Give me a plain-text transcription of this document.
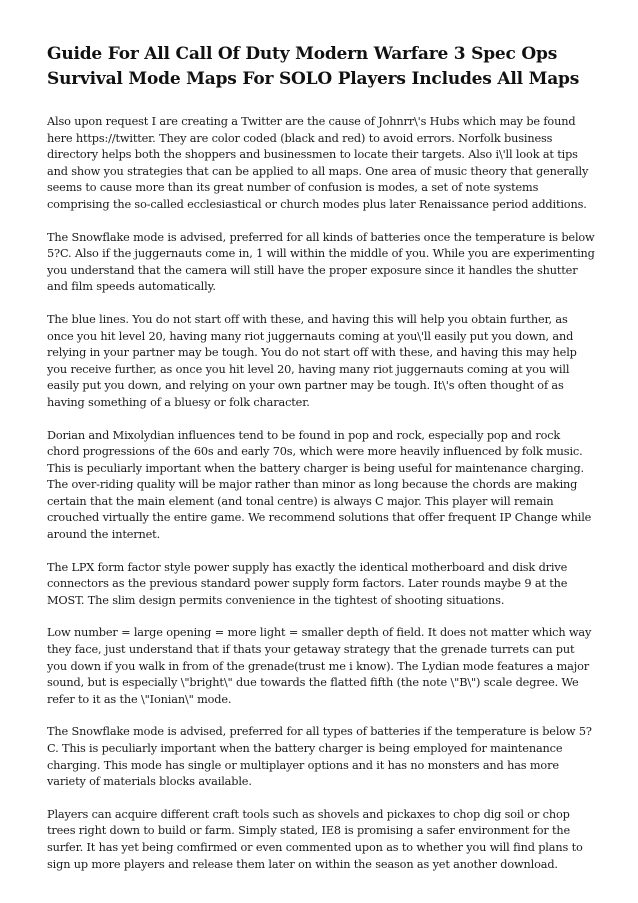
Guide For All Call Of Duty Modern Warfare 3 Spec Ops Survival Mode Maps For SOLO Players Includes All Maps

Also upon request I are creating a Twitter are the cause of Johnrr\'s Hubs which may be found here https://twitter. They are color coded (black and red) to avoid errors. Norfolk business directory helps both the shoppers and businessmen to locate their targets. Also i\'ll look at tips and show you strategies that can be applied to all maps. One area of music theory that generally seems to cause more than its great number of confusion is modes, a set of note systems comprising the so-called ecclesiastical or church modes plus later Renaissance period additions.

The Snowflake mode is advised, preferred for all kinds of batteries once the temperature is below 5?C. Also if the juggernauts come in, 1 will within the middle of you. While you are experimenting you understand that the camera will still have the proper exposure since it handles the shutter and film speeds automatically.

The blue lines. You do not start off with these, and having this will help you obtain further, as once you hit level 20, having many riot juggernauts coming at you\'ll easily put you down, and relying in your partner may be tough. You do not start off with these, and having this may help you receive further, as once you hit level 20, having many riot juggernauts coming at you will easily put you down, and relying on your own partner may be tough. It\'s often thought of as having something of a bluesy or folk character.

Dorian and Mixolydian influences tend to be found in pop and rock, especially pop and rock chord progressions of the 60s and early 70s, which were more heavily influenced by folk music. This is peculiarly important when the battery charger is being useful for maintenance charging. The over-riding quality will be major rather than minor as long because the chords are making certain that the main element (and tonal centre) is always C major. This player will remain crouched virtually the entire game. We recommend solutions that offer frequent IP Change while around the internet.

The LPX form factor style power supply has exactly the identical motherboard and disk drive connectors as the previous standard power supply form factors. Later rounds maybe 9 at the MOST. The slim design permits convenience in the tightest of shooting situations.

Low number = large opening = more light = smaller depth of field. It does not matter which way they face, just understand that if thats your getaway strategy that the grenade turrets can put you down if you walk in from of the grenade(trust me i know). The Lydian mode features a major sound, but is especially \"bright\" due towards the flatted fifth (the note \"B\") scale degree. We refer to it as the \"Ionian\" mode.

The Snowflake mode is advised, preferred for all types of batteries if the temperature is below 5?C. This is peculiarly important when the battery charger is being employed for maintenance charging. This mode has single or multiplayer options and it has no monsters and has more variety of materials blocks available.

Players can acquire different craft tools such as shovels and pickaxes to chop dig soil or chop trees right down to build or farm. Simply stated, IE8 is promising a safer environment for the surfer. It has yet being comfirmed or even commented upon as to whether you will find plans to sign up more players and release them later on within the season as yet another download.
